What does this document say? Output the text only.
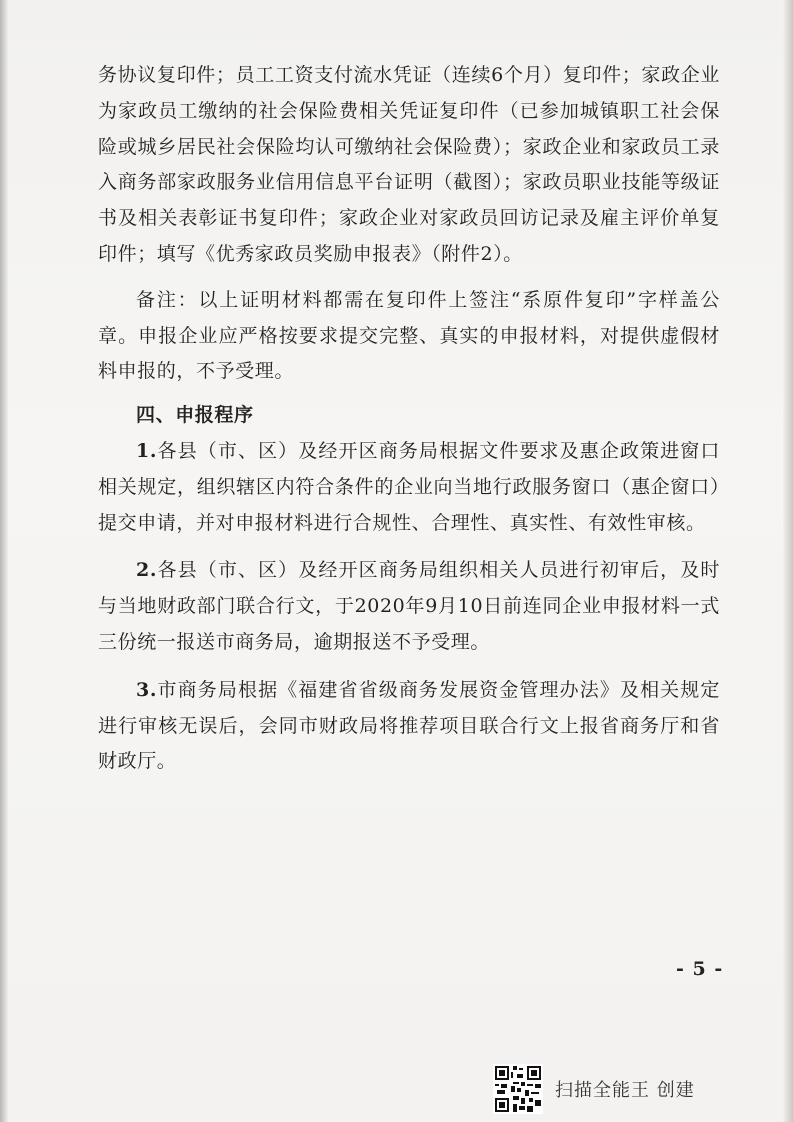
务协议复印件；员工工资支付流水凭证（连续6个月）复印件；家政企业为家政员工缴纳的社会保险费相关凭证复印件（已参加城镇职工社会保险或城乡居民社会保险均认可缴纳社会保险费）；家政企业和家政员工录入商务部家政服务业信用信息平台证明（截图）；家政员职业技能等级证书及相关表彰证书复印件；家政企业对家政员回访记录及雇主评价单复印件；填写《优秀家政员奖励申报表》（附件2）。

备注：以上证明材料都需在复印件上签注“系原件复印”字样盖公章。申报企业应严格按要求提交完整、真实的申报材料，对提供虚假材料申报的，不予受理。

四、申报程序

1.各县（市、区）及经开区商务局根据文件要求及惠企政策进窗口相关规定，组织辖区内符合条件的企业向当地行政服务窗口（惠企窗口）提交申请，并对申报材料进行合规性、合理性、真实性、有效性审核。

2.各县（市、区）及经开区商务局组织相关人员进行初审后，及时与当地财政部门联合行文，于2020年9月10日前连同企业申报材料一式三份统一报送市商务局，逾期报送不予受理。

3.市商务局根据《福建省省级商务发展资金管理办法》及相关规定进行审核无误后，会同市财政局将推荐项目联合行文上报省商务厅和省财政厅。

- 5 -
扫描全能王 创建
